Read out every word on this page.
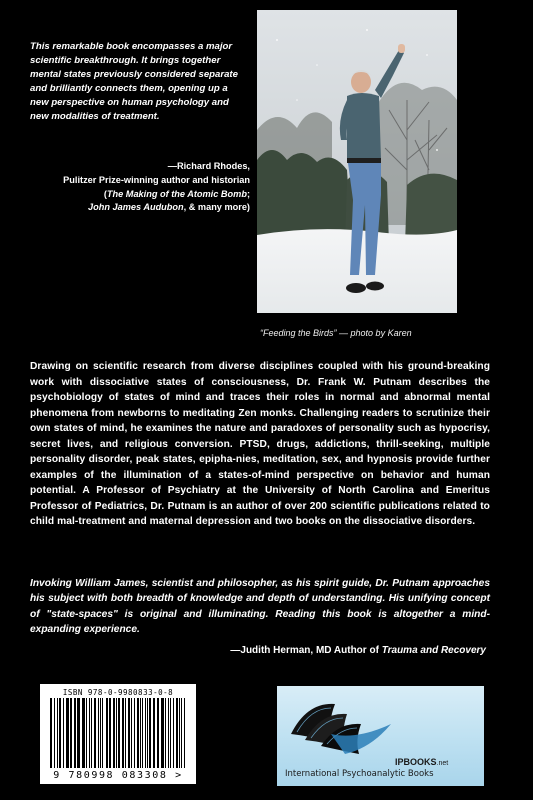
This remarkable book encompasses a major scientific breakthrough. It brings together mental states previously considered separate and brilliantly connects them, opening up a new perspective on human psychology and new modalities of treatment.
—Richard Rhodes,
Pulitzer Prize-winning author and historian
(The Making of the Atomic Bomb;
John James Audubon, & many more)
“Feeding the Birds” — photo by Karen
Drawing on scientific research from diverse disciplines coupled with his ground-breaking work with dissociative states of consciousness, Dr. Frank W. Putnam describes the psychobiology of states of mind and traces their roles in normal and abnormal mental phenomena from newborns to meditating Zen monks. Challenging readers to scrutinize their own states of mind, he examines the nature and paradoxes of personality such as hypocrisy, secret lives, and religious conversion. PTSD, drugs, addictions, thrill-seeking, multiple personality disorder, peak states, epipha-nies, meditation, sex, and hypnosis provide further examples of the illumination of a states-of-mind perspective on behavior and human potential. A Professor of Psychiatry at the University of North Carolina and Emeritus Professor of Pediatrics, Dr. Putnam is an author of over 200 scientific publications related to child mal-treatment and maternal depression and two books on the dissociative disorders.
Invoking William James, scientist and philosopher, as his spirit guide, Dr. Putnam approaches his subject with both breadth of knowledge and depth of understanding. His unifying concept of "state-spaces" is original and illuminating. Reading this book is altogether a mind-expanding experience.
—Judith Herman, MD Author of Trauma and Recovery
ISBN 978-0-9980833-0-8
9 780998 083308 >
IPBOOKS.net
International Psychoanalytic Books
